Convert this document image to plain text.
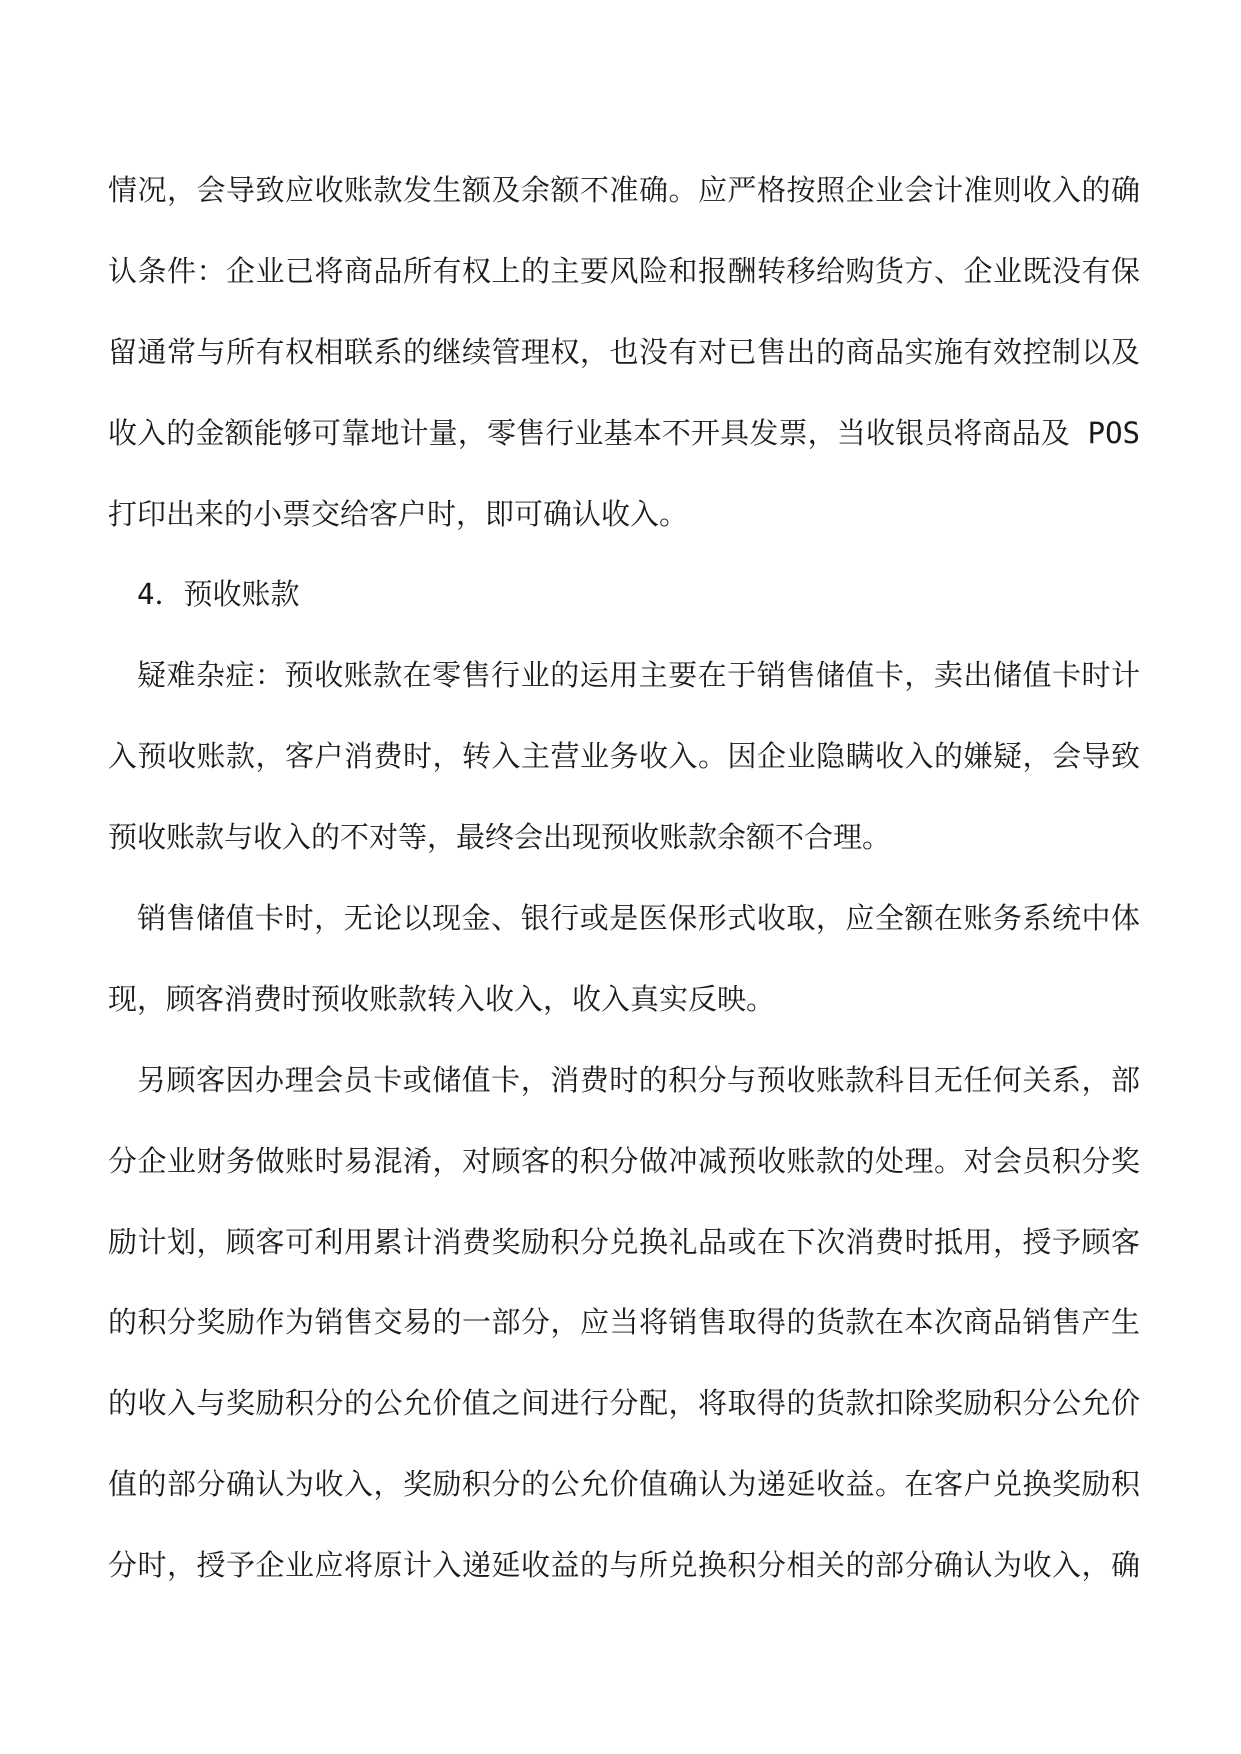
情况，会导致应收账款发生额及余额不准确。应严格按照企业会计准则收入的确
认条件：企业已将商品所有权上的主要风险和报酬转移给购货方、企业既没有保
留通常与所有权相联系的继续管理权，也没有对已售出的商品实施有效控制以及
收入的金额能够可靠地计量，零售行业基本不开具发票，当收银员将商品及 POS
打印出来的小票交给客户时，即可确认收入。
4．预收账款
疑难杂症：预收账款在零售行业的运用主要在于销售储值卡，卖出储值卡时计
入预收账款，客户消费时，转入主营业务收入。因企业隐瞒收入的嫌疑，会导致
预收账款与收入的不对等，最终会出现预收账款余额不合理。
销售储值卡时，无论以现金、银行或是医保形式收取，应全额在账务系统中体
现，顾客消费时预收账款转入收入，收入真实反映。
另顾客因办理会员卡或储值卡，消费时的积分与预收账款科目无任何关系，部
分企业财务做账时易混淆，对顾客的积分做冲减预收账款的处理。对会员积分奖
励计划，顾客可利用累计消费奖励积分兑换礼品或在下次消费时抵用，授予顾客
的积分奖励作为销售交易的一部分，应当将销售取得的货款在本次商品销售产生
的收入与奖励积分的公允价值之间进行分配，将取得的货款扣除奖励积分公允价
值的部分确认为收入，奖励积分的公允价值确认为递延收益。在客户兑换奖励积
分时，授予企业应将原计入递延收益的与所兑换积分相关的部分确认为收入，确
